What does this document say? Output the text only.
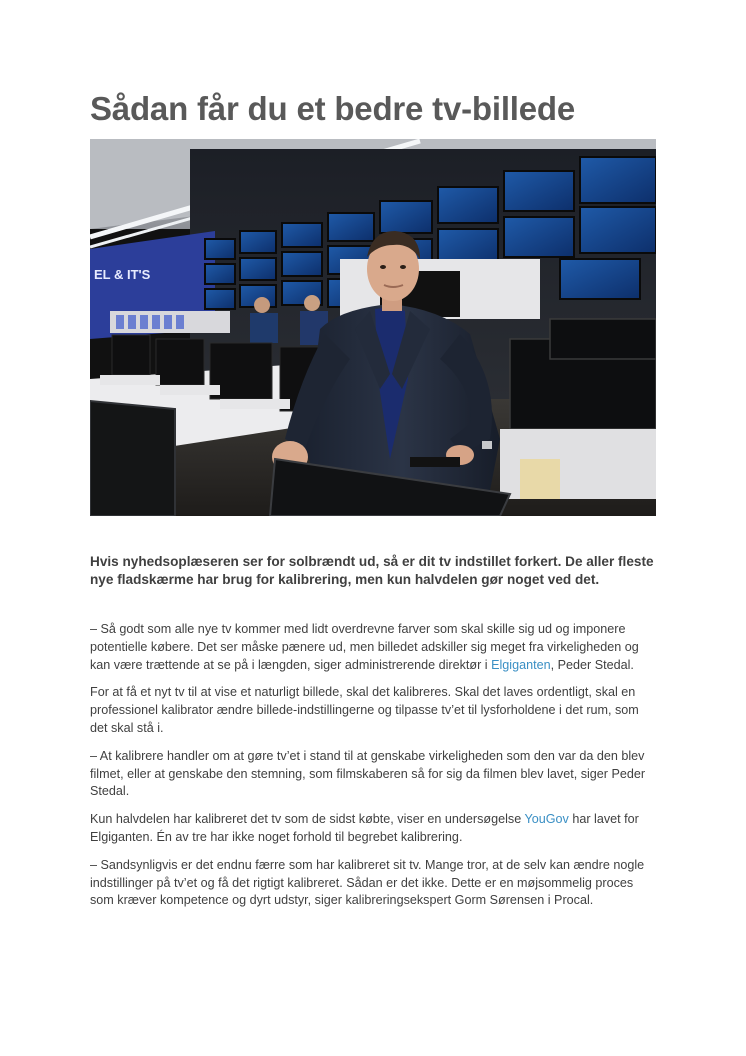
Sådan får du et bedre tv-billede
EL & IT'S

Hvis nyhedsoplæseren ser for solbrændt ud, så er dit tv indstillet forkert. De aller fleste nye fladskærme har brug for kalibrering, men kun halvdelen gør noget ved det.

– Så godt som alle nye tv kommer med lidt overdrevne farver som skal skille sig ud og imponere potentielle købere. Det ser måske pænere ud, men billedet adskiller sig meget fra virkeligheden og kan være trættende at se på i længden, siger administrerende direktør i Elgiganten, Peder Stedal.

For at få et nyt tv til at vise et naturligt billede, skal det kalibreres. Skal det laves ordentligt, skal en professionel kalibrator ændre billede-indstillingerne og tilpasse tv’et til lysforholdene i det rum, som det skal stå i.

– At kalibrere handler om at gøre tv’et i stand til at genskabe virkeligheden som den var da den blev filmet, eller at genskabe den stemning, som filmskaberen så for sig da filmen blev lavet, siger Peder Stedal.

Kun halvdelen har kalibreret det tv som de sidst købte, viser en undersøgelse YouGov har lavet for Elgiganten. Én av tre har ikke noget forhold til begrebet kalibrering.

– Sandsynligvis er det endnu færre som har kalibreret sit tv. Mange tror, at de selv kan ændre nogle indstillinger på tv’et og få det rigtigt kalibreret. Sådan er det ikke. Dette er en møjsommelig proces som kræver kompetence og dyrt udstyr, siger kalibreringsekspert Gorm Sørensen i Procal.
